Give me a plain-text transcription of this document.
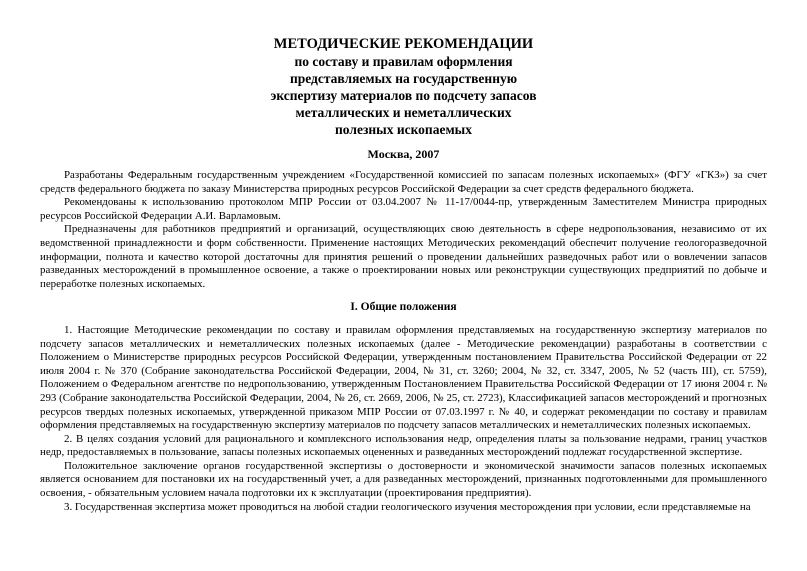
МЕТОДИЧЕСКИЕ РЕКОМЕНДАЦИИ
по составу и правилам оформления
представляемых на государственную
экспертизу материалов по подсчету запасов
металлических и неметаллических
полезных ископаемых
Москва, 2007

Разработаны Федеральным государственным учреждением «Государственной комиссией по запасам полезных ископаемых» (ФГУ «ГКЗ») за счет средств федерального бюджета по заказу Министерства природных ресурсов Российской Федерации за счет средств федерального бюджета.

Рекомендованы к использованию протоколом МПР России от 03.04.2007 № 11-17/0044-пр, утвержденным Заместителем Министра природных ресурсов Российской Федерации А.И. Варламовым.

Предназначены для работников предприятий и организаций, осуществляющих свою деятельность в сфере недропользования, независимо от их ведомственной принадлежности и форм собственности. Применение настоящих Методических рекомендаций обеспечит получение геологоразведочной информации, полнота и качество которой достаточны для принятия решений о проведении дальнейших разведочных работ или о вовлечении запасов разведанных месторождений в промышленное освоение, а также о проектировании новых или реконструкции существующих предприятий по добыче и переработке полезных ископаемых.

I. Общие положения

1. Настоящие Методические рекомендации по составу и правилам оформления представляемых на государственную экспертизу материалов по подсчету запасов металлических и неметаллических полезных ископаемых (далее - Методические рекомендации) разработаны в соответствии с Положением о Министерстве природных ресурсов Российской Федерации, утвержденным постановлением Правительства Российской Федерации от 22 июля 2004 г. № 370 (Собрание законодательства Российской Федерации, 2004, № 31, ст. 3260; 2004, № 32, ст. 3347, 2005, № 52 (часть III), ст. 5759), Положением о Федеральном агентстве по недропользованию, утвержденным Постановлением Правительства Российской Федерации от 17 июня 2004 г. № 293 (Собрание законодательства Российской Федерации, 2004, № 26, ст. 2669, 2006, № 25, ст. 2723), Классификацией запасов месторождений и прогнозных ресурсов твердых полезных ископаемых, утвержденной приказом МПР России от 07.03.1997 г. № 40, и содержат рекомендации по составу и правилам оформления представляемых на государственную экспертизу материалов по подсчету запасов металлических и неметаллических полезных ископаемых.

2. В целях создания условий для рационального и комплексного использования недр, определения платы за пользование недрами, границ участков недр, предоставляемых в пользование, запасы полезных ископаемых оцененных и разведанных месторождений подлежат государственной экспертизе.

Положительное заключение органов государственной экспертизы о достоверности и экономической значимости запасов полезных ископаемых является основанием для постановки их на государственный учет, а для разведанных месторождений, признанных подготовленными для промышленного освоения, - обязательным условием начала подготовки их к эксплуатации (проектирования предприятия).

3. Государственная экспертиза может проводиться на любой стадии геологического изучения месторождения при условии, если представляемые на
